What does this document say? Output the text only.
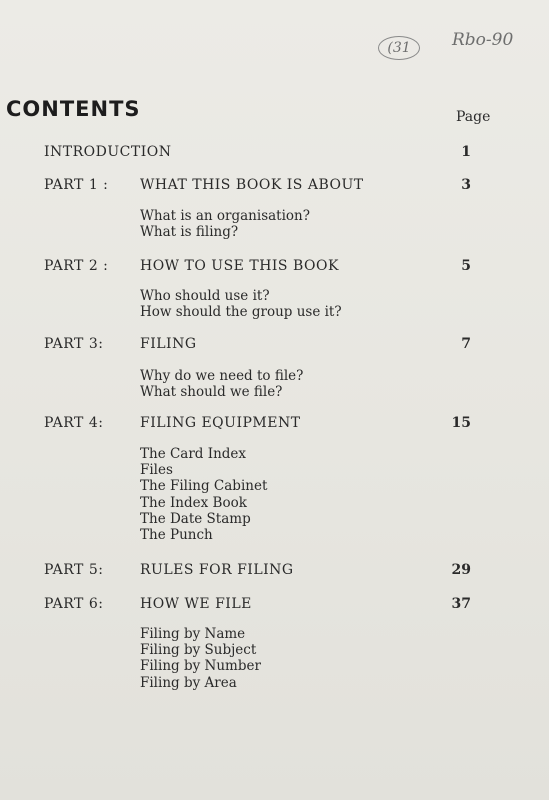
(31	Rbo-90
CONTENTS	Page
INTRODUCTION	1
PART 1 : WHAT THIS BOOK IS ABOUT	3
What is an organisation?
What is filing?
PART 2 : HOW TO USE THIS BOOK	5
Who should use it?
How should the group use it?
PART 3:	FILING	7
Why do we need to file?
What should we file?
PART 4:	FILING EQUIPMENT	15
The Card Index
Files
The Filing Cabinet
The Index Book
The Date Stamp
The Punch
PART 5:	RULES FOR FILING	29
PART 6:	HOW WE FILE	37
Filing by Name
Filing by Subject
Filing by Number
Filing by Area
